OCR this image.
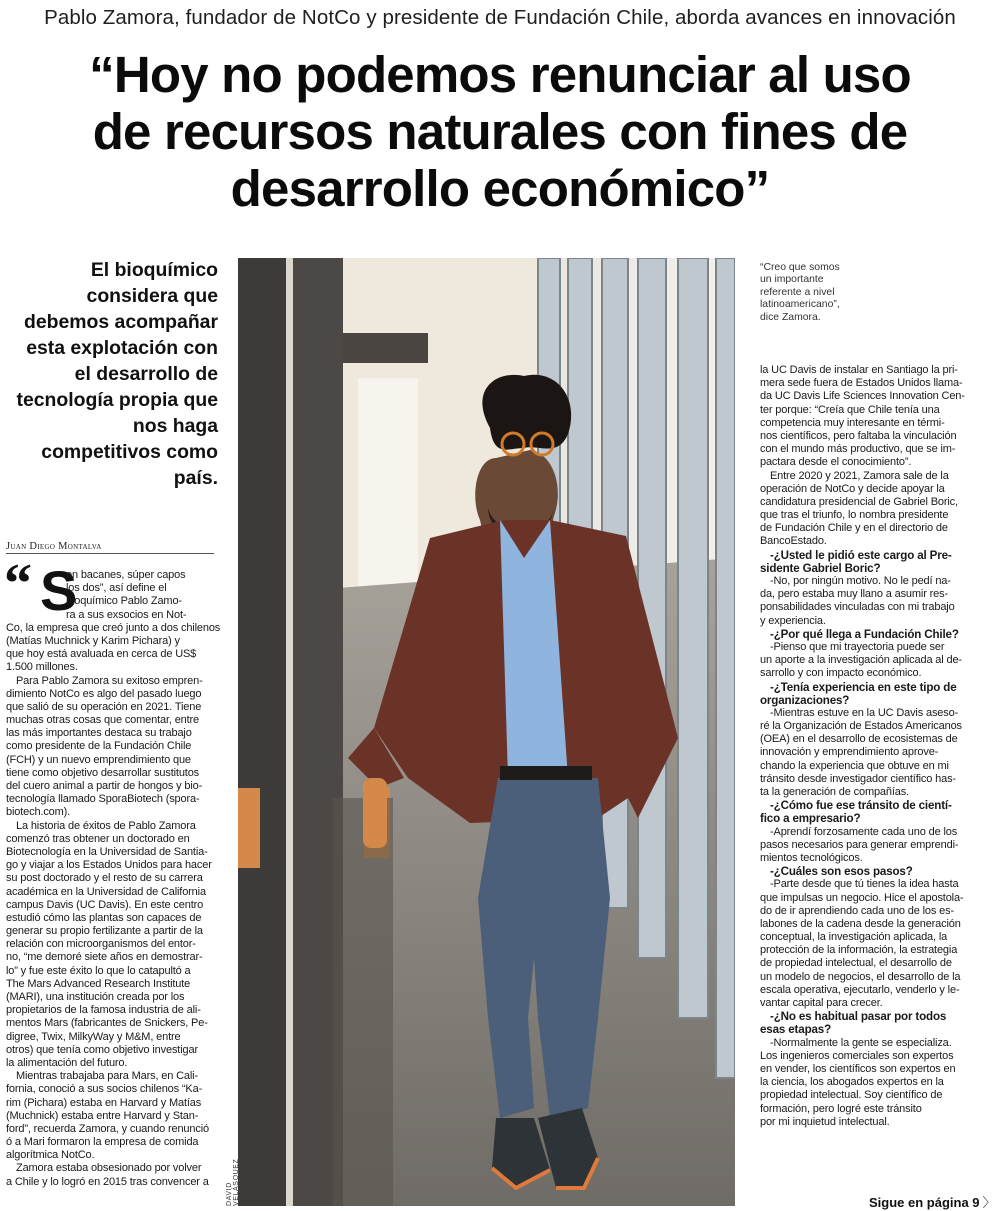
Pablo Zamora, fundador de NotCo y presidente de Fundación Chile, aborda avances en innovación
“Hoy no podemos renunciar al uso
de recursos naturales con fines de
desarrollo económico”
El bioquímico
considera que
debemos acompañar
esta explotación con
el desarrollo de
tecnología propia que
nos haga
competitivos como
país.
Juan Diego Montalva
“ S
on bacanes, súper capos
los dos”, así define el
bioquímico Pablo Zamo-
ra a sus exsocios en Not-
Co, la empresa que creó junto a dos chilenos
(Matías Muchnick y Karim Pichara) y
que hoy está avaluada en cerca de US$
1.500 millones.
Para Pablo Zamora su exitoso empren-
dimiento NotCo es algo del pasado luego
que salió de su operación en 2021. Tiene
muchas otras cosas que comentar, entre
las más importantes destaca su trabajo
como presidente de la Fundación Chile
(FCH) y un nuevo emprendimiento que
tiene como objetivo desarrollar sustitutos
del cuero animal a partir de hongos y bio-
tecnología llamado SporaBiotech (spora-
biotech.com).
La historia de éxitos de Pablo Zamora
comenzó tras obtener un doctorado en
Biotecnología en la Universidad de Santia-
go y viajar a los Estados Unidos para hacer
su post doctorado y el resto de su carrera
académica en la Universidad de California
campus Davis (UC Davis). En este centro
estudió cómo las plantas son capaces de
generar su propio fertilizante a partir de la
relación con microorganismos del entor-
no, “me demoré siete años en demostrar-
lo” y fue este éxito lo que lo catapultó a
The Mars Advanced Research Institute
(MARI), una institución creada por los
propietarios de la famosa industria de ali-
mentos Mars (fabricantes de Snickers, Pe-
digree, Twix, MilkyWay y M&M, entre
otros) que tenía como objetivo investigar
la alimentación del futuro.
Mientras trabajaba para Mars, en Cali-
fornia, conoció a sus socios chilenos “Ka-
rim (Pichara) estaba en Harvard y Matías
(Muchnick) estaba entre Harvard y Stan-
ford”, recuerda Zamora, y cuando renunció
ó a Mari formaron la empresa de comida
algorítmica NotCo.
Zamora estaba obsesionado por volver
a Chile y lo logró en 2015 tras convencer a
DAVID VELÁSQUEZ
“Creo que somos
un importante
referente a nivel
latinoamericano”,
dice Zamora.
la UC Davis de instalar en Santiago la pri-
mera sede fuera de Estados Unidos llama-
da UC Davis Life Sciences Innovation Cen-
ter porque: “Creía que Chile tenía una
competencia muy interesante en térmi-
nos científicos, pero faltaba la vinculación
con el mundo más productivo, que se im-
pactara desde el conocimiento”.
Entre 2020 y 2021, Zamora sale de la
operación de NotCo y decide apoyar la
candidatura presidencial de Gabriel Boric,
que tras el triunfo, lo nombra presidente
de Fundación Chile y en el directorio de
BancoEstado.
-¿Usted le pidió este cargo al Pre-
sidente Gabriel Boric?
-No, por ningún motivo. No le pedí na-
da, pero estaba muy llano a asumir res-
ponsabilidades vinculadas con mi trabajo
y experiencia.
-¿Por qué llega a Fundación Chile?
-Pienso que mi trayectoria puede ser
un aporte a la investigación aplicada al de-
sarrollo y con impacto económico.
-¿Tenía experiencia en este tipo de
organizaciones?
-Mientras estuve en la UC Davis aseso-
ré la Organización de Estados Americanos
(OEA) en el desarrollo de ecosistemas de
innovación y emprendimiento aprove-
chando la experiencia que obtuve en mi
tránsito desde investigador científico has-
ta la generación de compañías.
-¿Cómo fue ese tránsito de cientí-
fico a empresario?
-Aprendí forzosamente cada uno de los
pasos necesarios para generar emprendi-
mientos tecnológicos.
-¿Cuáles son esos pasos?
-Parte desde que tú tienes la idea hasta
que impulsas un negocio. Hice el apostola-
do de ir aprendiendo cada uno de los es-
labones de la cadena desde la generación
conceptual, la investigación aplicada, la
protección de la información, la estrategia
de propiedad intelectual, el desarrollo de
un modelo de negocios, el desarrollo de la
escala operativa, ejecutarlo, venderlo y le-
vantar capital para crecer.
-¿No es habitual pasar por todos
esas etapas?
-Normalmente la gente se especializa.
Los ingenieros comerciales son expertos
en vender, los científicos son expertos en
la ciencia, los abogados expertos en la
propiedad intelectual. Soy científico de
formación, pero logré este tránsito
por mi inquietud intelectual.
Sigue en página 9 〉
